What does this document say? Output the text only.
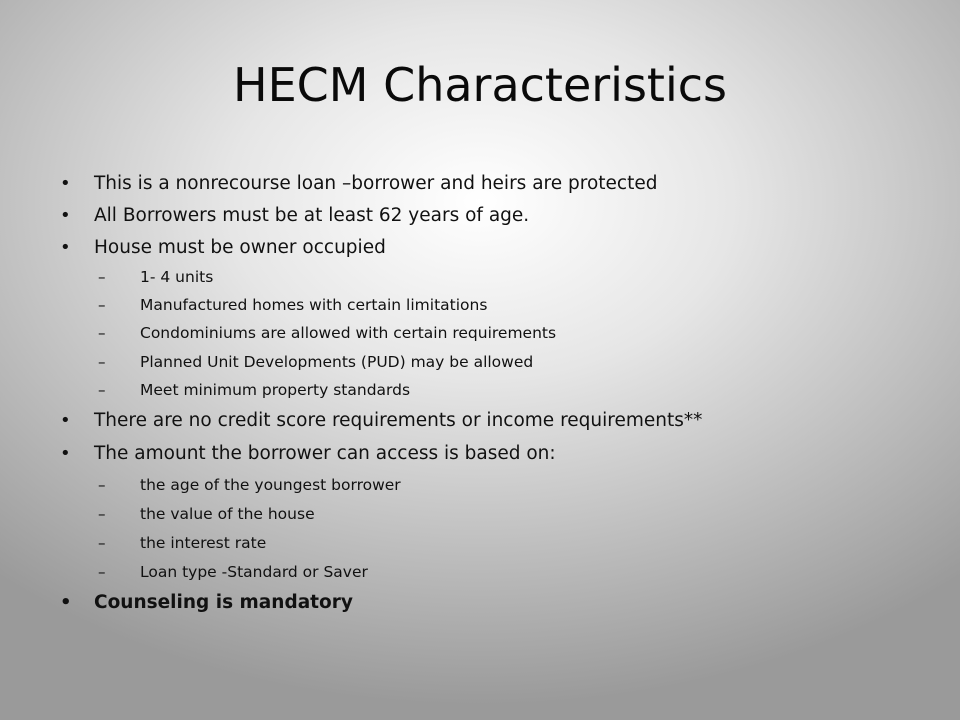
HECM Characteristics
• This is a nonrecourse loan –borrower and heirs are protected
• All Borrowers must be at least 62 years of age.
• House must be owner occupied
– 1- 4 units
– Manufactured homes with certain limitations
– Condominiums are allowed with certain requirements
– Planned Unit Developments (PUD) may be allowed
– Meet minimum property standards
• There are no credit score requirements or income requirements**
• The amount the borrower can access is based on:
– the age of the youngest borrower
– the value of the house
– the interest rate
– Loan type -Standard or Saver
• Counseling is mandatory
